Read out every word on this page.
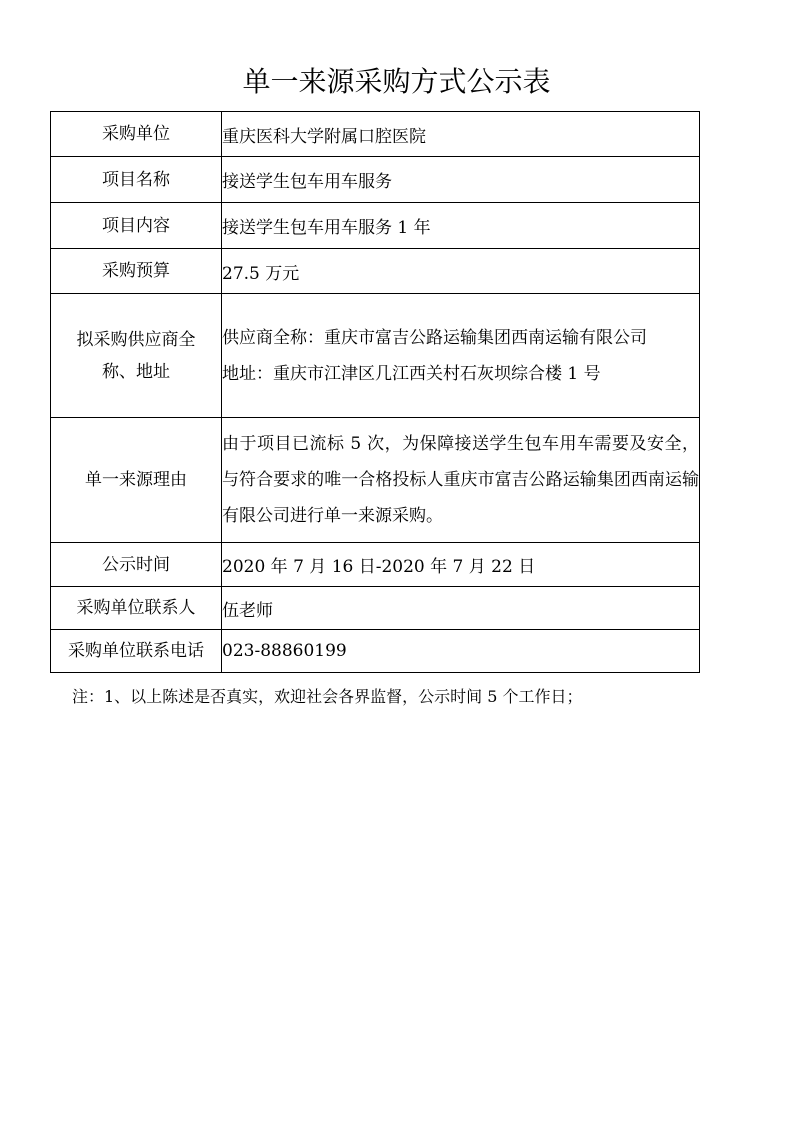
单一来源采购方式公示表
采购单位	重庆医科大学附属口腔医院
项目名称	接送学生包车用车服务
项目内容	接送学生包车用车服务 1 年
采购预算	27.5 万元
拟采购供应商全称、地址	供应商全称：重庆市富吉公路运输集团西南运输有限公司
地址：重庆市江津区几江西关村石灰坝综合楼 1 号

单一来源理由	由于项目已流标 5 次，为保障接送学生包车用车需要及安全，与符合要求的唯一合格投标人重庆市富吉公路运输集团西南运输有限公司进行单一来源采购。

公示时间	2020 年 7 月 16 日-2020 年 7 月 22 日
采购单位联系人	伍老师
采购单位联系电话	023-88860199
注：1、以上陈述是否真实，欢迎社会各界监督，公示时间 5 个工作日；
